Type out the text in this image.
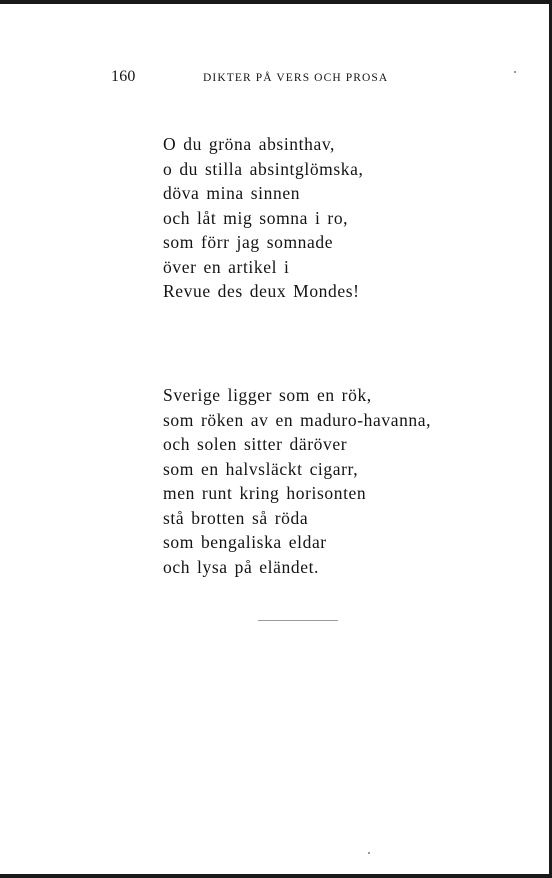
160	DIKTER PÅ VERS OCH PROSA
O du gröna absinthav,
o du stilla absintglömska,
döva mina sinnen
och låt mig somna i ro,
som förr jag somnade
över en artikel i
Revue des deux Mondes!
Sverige ligger som en rök,
som röken av en maduro-havanna,
och solen sitter däröver
som en halvsläckt cigarr,
men runt kring horisonten
stå brotten så röda
som bengaliska eldar
och lysa på eländet.
